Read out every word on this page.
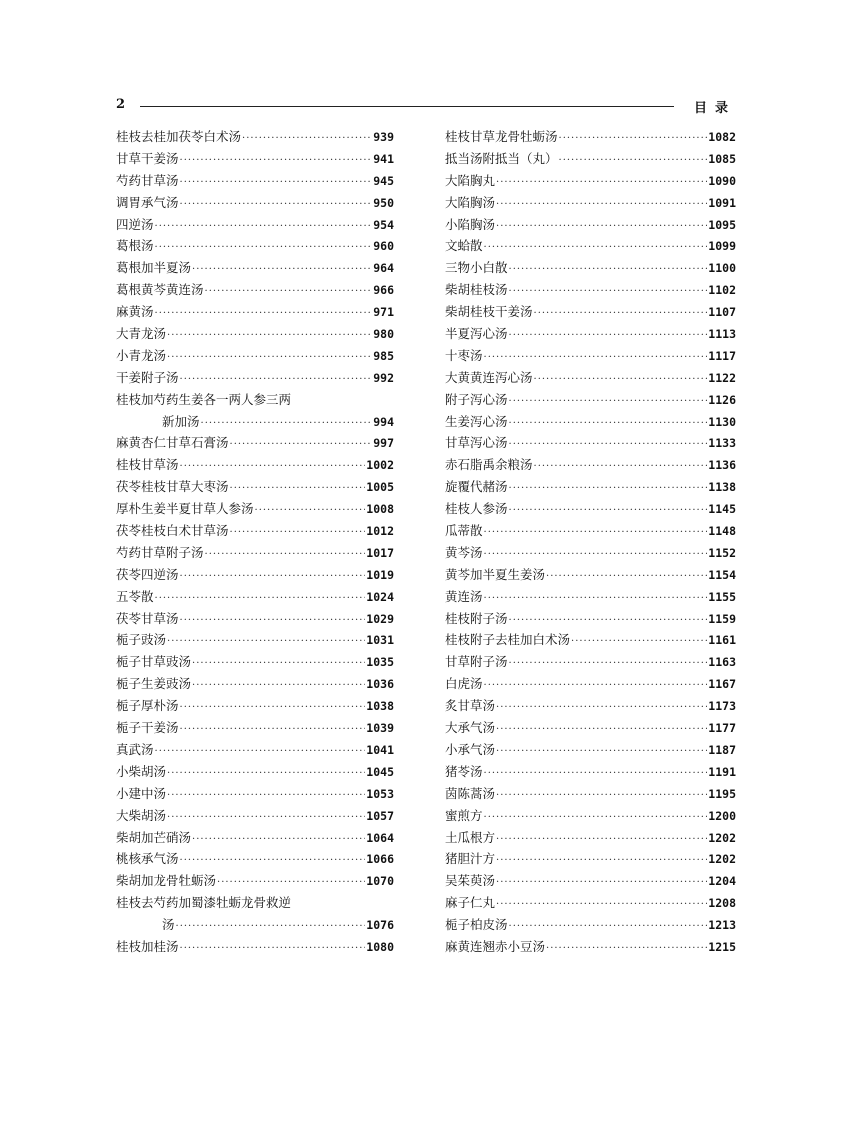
2	目录
桂枝去桂加茯苓白术汤 ·····	939
甘草干姜汤 ·····	941
芍药甘草汤 ·····	945
调胃承气汤 ·····	950
四逆汤 ·····	954
葛根汤 ·····	960
葛根加半夏汤 ·····	964
葛根黄芩黄连汤 ·····	966
麻黄汤 ·····	971
大青龙汤 ·····	980
小青龙汤 ·····	985
干姜附子汤 ·····	992
桂枝加芍药生姜各一两人参三两
新加汤 ·····	994
麻黄杏仁甘草石膏汤 ·····	997
桂枝甘草汤 ·····	1002
茯苓桂枝甘草大枣汤 ·····	1005
厚朴生姜半夏甘草人参汤 ·····	1008
茯苓桂枝白术甘草汤 ·····	1012
芍药甘草附子汤 ·····	1017
茯苓四逆汤 ·····	1019
五苓散 ·····	1024
茯苓甘草汤 ·····	1029
栀子豉汤 ·····	1031
栀子甘草豉汤 ·····	1035
栀子生姜豉汤 ·····	1036
栀子厚朴汤 ·····	1038
栀子干姜汤 ·····	1039
真武汤 ·····	1041
小柴胡汤 ·····	1045
小建中汤 ·····	1053
大柴胡汤 ·····	1057
柴胡加芒硝汤 ·····	1064
桃核承气汤 ·····	1066
柴胡加龙骨牡蛎汤 ·····	1070
桂枝去芍药加蜀漆牡蛎龙骨救逆
汤 ·····	1076
桂枝加桂汤 ·····	1080
桂枝甘草龙骨牡蛎汤 ·····	1082
抵当汤附抵当（丸） ·····	1085
大陷胸丸 ·····	1090
大陷胸汤 ·····	1091
小陷胸汤 ·····	1095
文蛤散 ·····	1099
三物小白散 ·····	1100
柴胡桂枝汤 ·····	1102
柴胡桂枝干姜汤 ·····	1107
半夏泻心汤 ·····	1113
十枣汤 ·····	1117
大黄黄连泻心汤 ·····	1122
附子泻心汤 ·····	1126
生姜泻心汤 ·····	1130
甘草泻心汤 ·····	1133
赤石脂禹余粮汤 ·····	1136
旋覆代赭汤 ·····	1138
桂枝人参汤 ·····	1145
瓜蒂散 ·····	1148
黄芩汤 ·····	1152
黄芩加半夏生姜汤 ·····	1154
黄连汤 ·····	1155
桂枝附子汤 ·····	1159
桂枝附子去桂加白术汤 ·····	1161
甘草附子汤 ·····	1163
白虎汤 ·····	1167
炙甘草汤 ·····	1173
大承气汤 ·····	1177
小承气汤 ·····	1187
猪苓汤 ·····	1191
茵陈蒿汤 ·····	1195
蜜煎方 ·····	1200
土瓜根方 ·····	1202
猪胆汁方 ·····	1202
吴茱萸汤 ·····	1204
麻子仁丸 ·····	1208
栀子柏皮汤 ·····	1213
麻黄连翘赤小豆汤 ·····	1215
